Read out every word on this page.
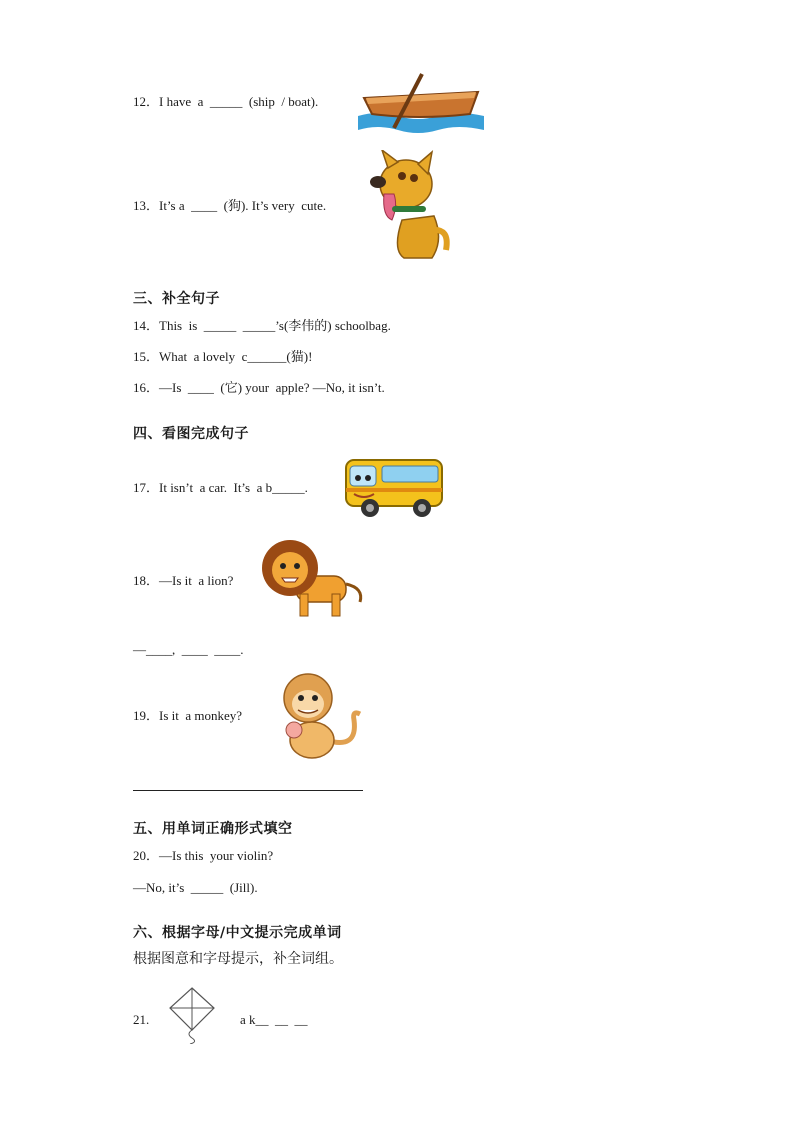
12．I have  a  _____  (ship  / boat).
13．It’s a  ____  (狗). It’s very  cute.
三、补全句子
14．This  is  _____  _____’s(李伟的) schoolbag.
15．What  a lovely  c______(猫)!
16．—Is  ____  (它) your  apple? —No, it isn’t.
四、看图完成句子
17．It isn’t  a car.  It’s  a b_____.
18．—Is it  a lion?
—____,  ____  ____.
19．Is it  a monkey?
五、用单词正确形式填空
20．—Is this  your violin?
—No, it’s  _____  (Jill).
六、根据字母/中文提示完成单词
根据图意和字母提示，补全词组。
21.	a k__  __  __
